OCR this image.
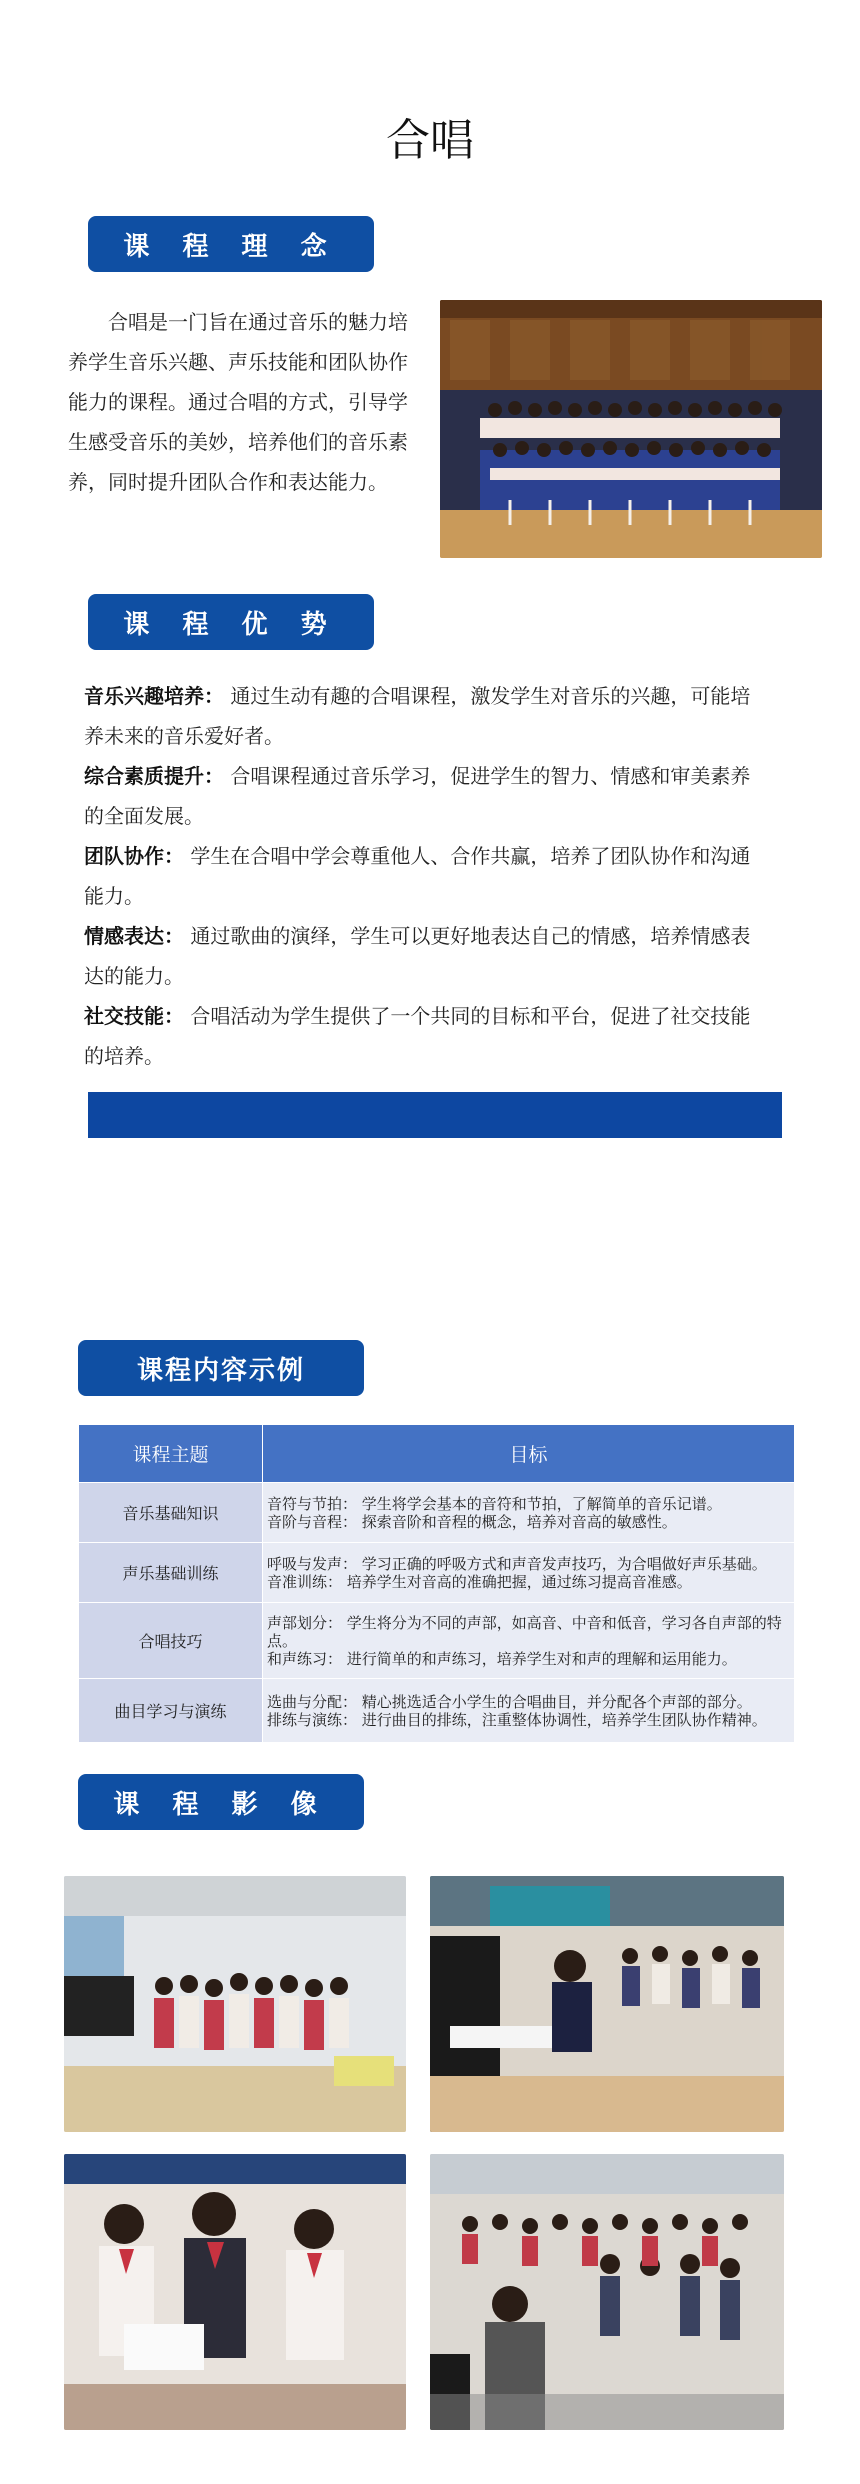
合唱
课 程 理 念
合唱是一门旨在通过音乐的魅力培养学生音乐兴趣、声乐技能和团队协作能力的课程。通过合唱的方式，引导学生感受音乐的美妙，培养他们的音乐素养，同时提升团队合作和表达能力。
课 程 优 势

音乐兴趣培养： 通过生动有趣的合唱课程，激发学生对音乐的兴趣，可能培养未来的音乐爱好者。

综合素质提升： 合唱课程通过音乐学习，促进学生的智力、情感和审美素养的全面发展。

团队协作： 学生在合唱中学会尊重他人、合作共赢，培养了团队协作和沟通能力。

情感表达： 通过歌曲的演绎，学生可以更好地表达自己的情感，培养情感表达的能力。

社交技能： 合唱活动为学生提供了一个共同的目标和平台，促进了社交技能的培养。

课程内容示例
课程主题	目标
音乐基础知识	音符与节拍： 学生将学会基本的音符和节拍，了解简单的音乐记谱。
音阶与音程： 探索音阶和音程的概念，培养对音高的敏感性。

声乐基础训练	呼吸与发声： 学习正确的呼吸方式和声音发声技巧，为合唱做好声乐基础。
音准训练： 培养学生对音高的准确把握，通过练习提高音准感。

合唱技巧	声部划分： 学生将分为不同的声部，如高音、中音和低音，学习各自声部的特点。
和声练习： 进行简单的和声练习，培养学生对和声的理解和运用能力。

曲目学习与演练	选曲与分配： 精心挑选适合小学生的合唱曲目，并分配各个声部的部分。
排练与演练： 进行曲目的排练，注重整体协调性，培养学生团队协作精神。
课 程 影 像
